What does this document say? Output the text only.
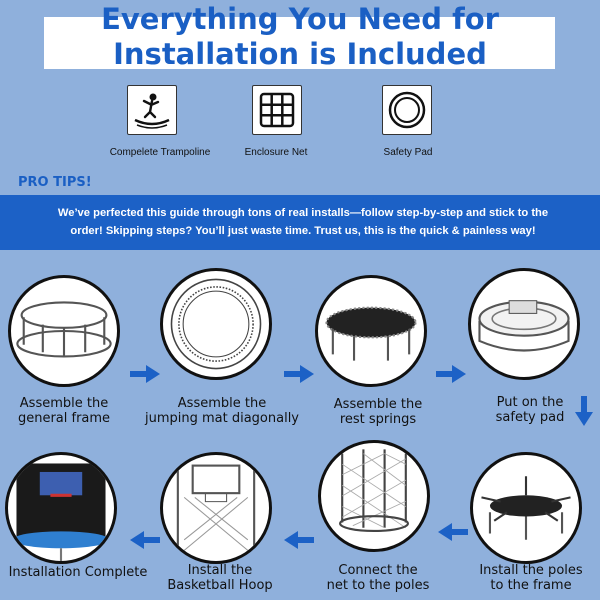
Everything You Need for
Installation is Included
Compelete Trampoline	Enclosure Net	Safety Pad
PRO TIPS!
We’ve perfected this guide through tons of real installs—follow step-by-step and stick to the
order! Skipping steps? You’ll just waste time. Trust us, this is the quick & painless way!
Assemble the
general frame
Assemble the
jumping mat diagonally
Assemble the
rest springs
Put on the
safety pad
Installation Complete	Install the
Basketball Hoop
Connect the
net to the poles
Install the poles
to the frame
